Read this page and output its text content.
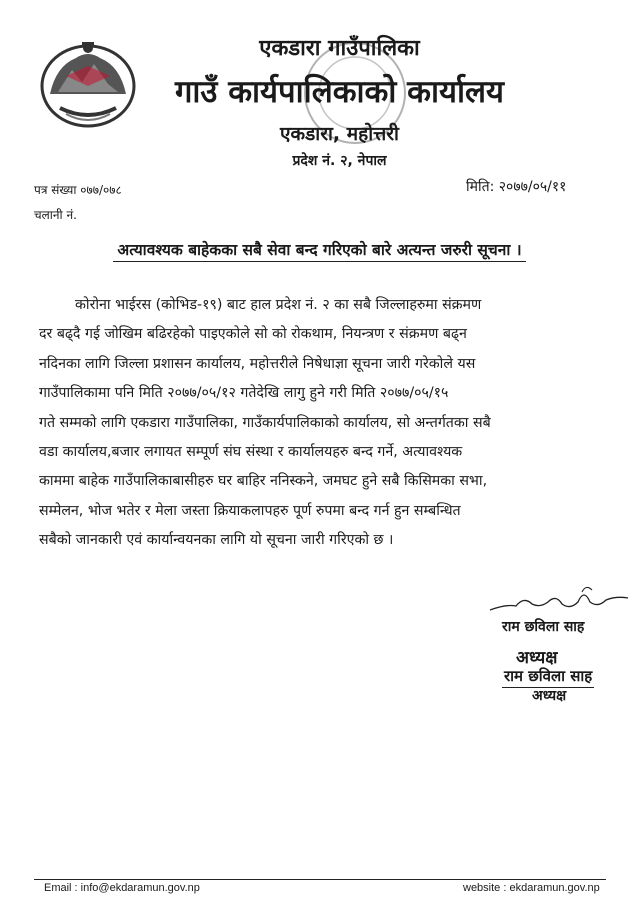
एकडारा गाउँपालिका
गाउँ कार्यपालिकाको कार्यालय
एकडारा, महोत्तरी
प्रदेश नं. २, नेपाल
पत्र संख्या ०७७/०७८
चलानी नं.
मिति: २०७७/०५/११
अत्यावश्यक बाहेकका सबै सेवा बन्द गरिएको बारे अत्यन्त जरुरी सूचना ।
कोरोना भाईरस (कोभिड-१९) बाट हाल प्रदेश नं. २ का सबै जिल्लाहरुमा संक्रमण
दर बढ्दै गई जोखिम बढिरहेको पाइएकोले सो को रोकथाम, नियन्त्रण र संक्रमण बढ्न
नदिनका लागि जिल्ला प्रशासन कार्यालय, महोत्तरीले निषेधाज्ञा सूचना जारी गरेकोले यस
गाउँपालिकामा पनि मिति २०७७/०५/१२ गतेदेखि लागु हुने गरी मिति २०७७/०५/१५
गते सम्मको लागि एकडारा गाउँपालिका, गाउँकार्यपालिकाको कार्यालय, सो अन्तर्गतका सबै
वडा कार्यालय,बजार लगायत सम्पूर्ण संघ संस्था र कार्यालयहरु बन्द गर्ने, अत्यावश्यक
काममा बाहेक गाउँपालिकाबासीहरु घर बाहिर ननिस्कने, जमघट हुने सबै किसिमका सभा,
सम्मेलन, भोज भतेर र मेला जस्ता क्रियाकलापहरु पूर्ण रुपमा बन्द गर्न हुन सम्बन्धित
सबैको जानकारी एवं कार्यान्वयनका लागि यो सूचना जारी गरिएको छ ।
राम छविला साह
अध्यक्ष
राम छविला साह
अध्यक्ष
Email : info@ekdaramun.gov.np	website : ekdaramun.gov.np
